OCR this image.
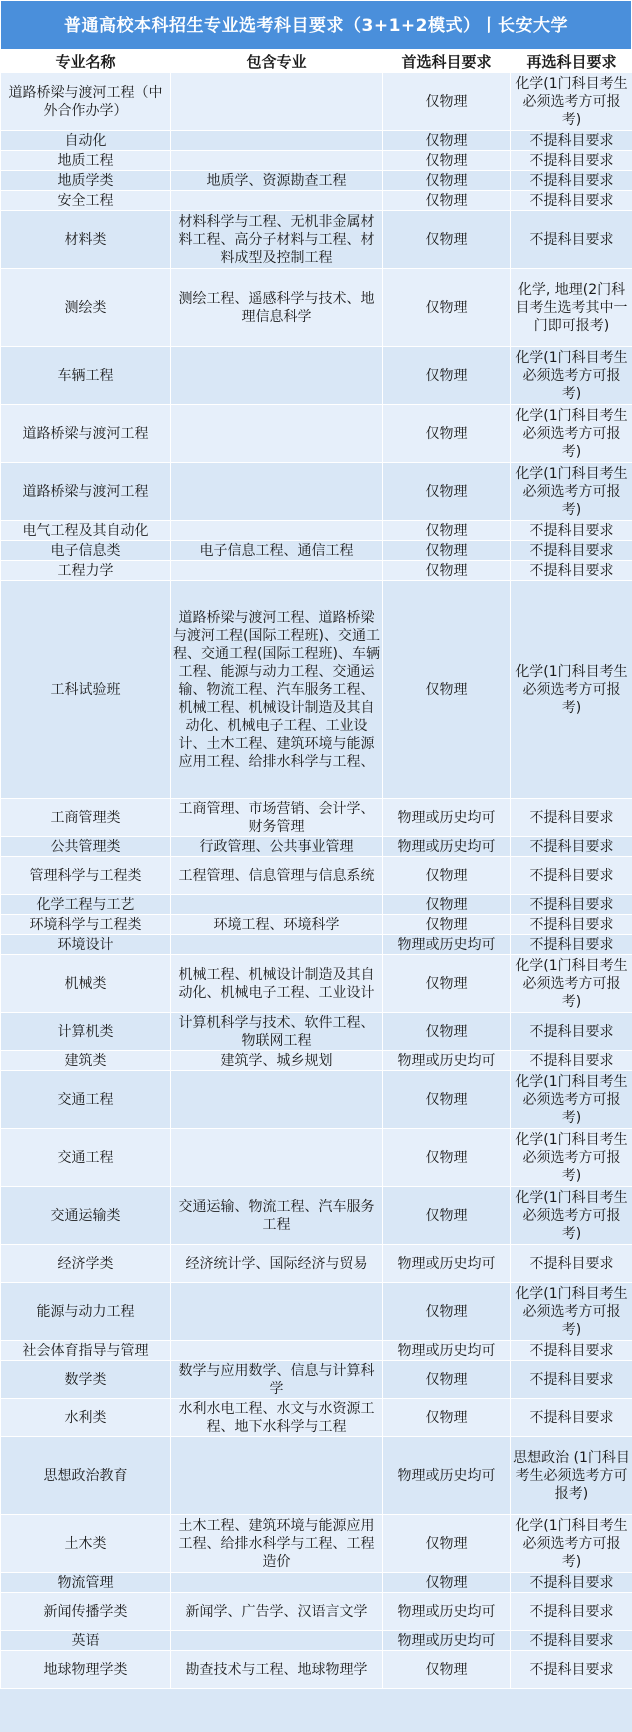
普通高校本科招生专业选考科目要求（3+1+2模式）丨长安大学
专业名称	包含专业	首选科目要求	再选科目要求
道路桥梁与渡河工程（中外合作办学）		仅物理	化学(1门科目考生必须选考方可报考)
自动化		仅物理	不提科目要求
地质工程		仅物理	不提科目要求
地质学类	地质学、资源勘查工程	仅物理	不提科目要求
安全工程		仅物理	不提科目要求
材料类	材料科学与工程、无机非金属材料工程、高分子材料与工程、材料成型及控制工程	仅物理	不提科目要求
测绘类	测绘工程、遥感科学与技术、地理信息科学	仅物理	化学, 地理(2门科目考生选考其中一门即可报考)
车辆工程		仅物理	化学(1门科目考生必须选考方可报考)
道路桥梁与渡河工程		仅物理	化学(1门科目考生必须选考方可报考)
道路桥梁与渡河工程		仅物理	化学(1门科目考生必须选考方可报考)
电气工程及其自动化		仅物理	不提科目要求
电子信息类	电子信息工程、通信工程	仅物理	不提科目要求
工程力学		仅物理	不提科目要求
工科试验班	道路桥梁与渡河工程、道路桥梁与渡河工程(国际工程班)、交通工程、交通工程(国际工程班)、车辆工程、能源与动力工程、交通运输、物流工程、汽车服务工程、机械工程、机械设计制造及其自动化、机械电子工程、工业设计、土木工程、建筑环境与能源应用工程、给排水科学与工程、	仅物理	化学(1门科目考生必须选考方可报考)
工商管理类	工商管理、市场营销、会计学、财务管理	物理或历史均可	不提科目要求
公共管理类	行政管理、公共事业管理	物理或历史均可	不提科目要求
管理科学与工程类	工程管理、信息管理与信息系统	仅物理	不提科目要求
化学工程与工艺		仅物理	不提科目要求
环境科学与工程类	环境工程、环境科学	仅物理	不提科目要求
环境设计		物理或历史均可	不提科目要求
机械类	机械工程、机械设计制造及其自动化、机械电子工程、工业设计	仅物理	化学(1门科目考生必须选考方可报考)
计算机类	计算机科学与技术、软件工程、物联网工程	仅物理	不提科目要求
建筑类	建筑学、城乡规划	物理或历史均可	不提科目要求
交通工程		仅物理	化学(1门科目考生必须选考方可报考)
交通工程		仅物理	化学(1门科目考生必须选考方可报考)
交通运输类	交通运输、物流工程、汽车服务工程	仅物理	化学(1门科目考生必须选考方可报考)
经济学类	经济统计学、国际经济与贸易	物理或历史均可	不提科目要求
能源与动力工程		仅物理	化学(1门科目考生必须选考方可报考)
社会体育指导与管理		物理或历史均可	不提科目要求
数学类	数学与应用数学、信息与计算科学	仅物理	不提科目要求
水利类	水利水电工程、水文与水资源工程、地下水科学与工程	仅物理	不提科目要求
思想政治教育		物理或历史均可	思想政治 (1门科目考生必须选考方可报考)
土木类	土木工程、建筑环境与能源应用工程、给排水科学与工程、工程造价	仅物理	化学(1门科目考生必须选考方可报考)
物流管理		仅物理	不提科目要求
新闻传播学类	新闻学、广告学、汉语言文学	物理或历史均可	不提科目要求
英语		物理或历史均可	不提科目要求
地球物理学类	勘查技术与工程、地球物理学	仅物理	不提科目要求
